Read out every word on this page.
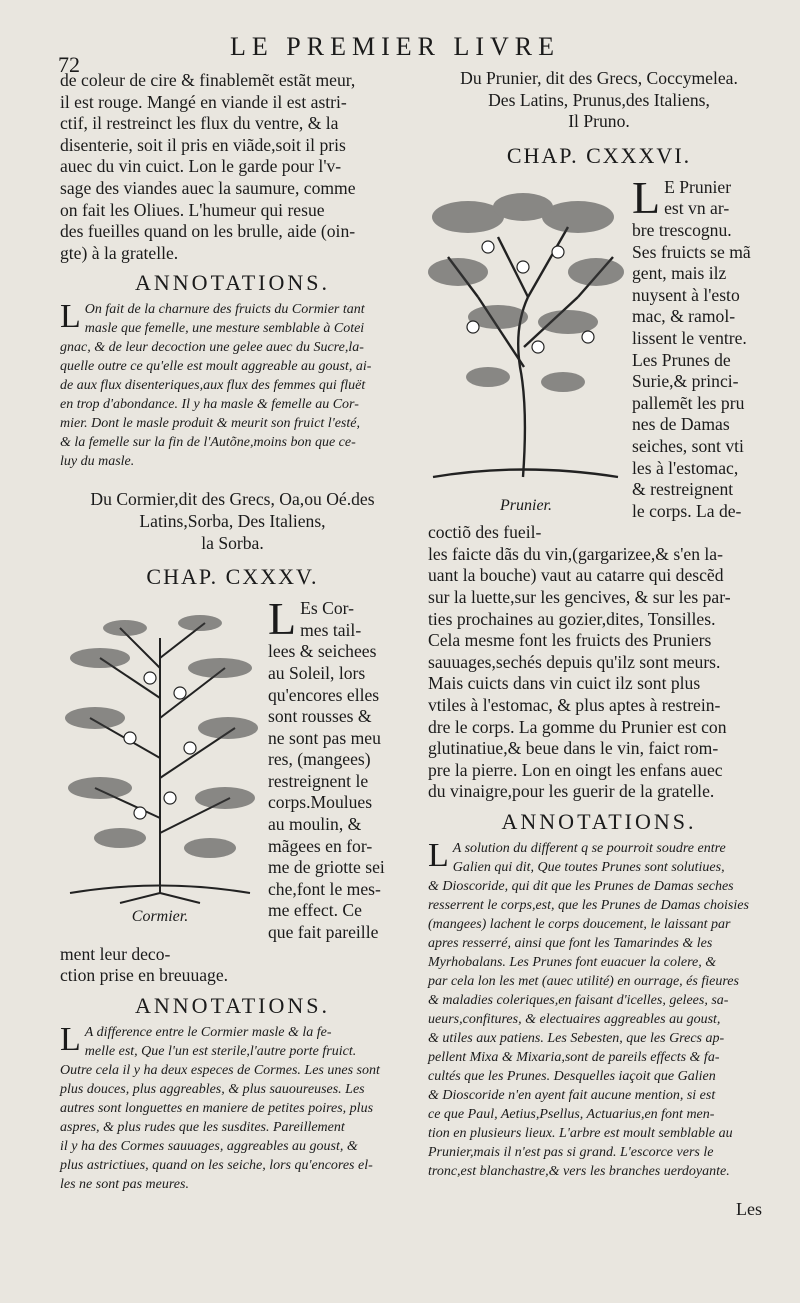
72
LE PREMIER LIVRE
de coleur de cire & finablemẽt estãt meur,
il est rouge. Mangé en viande il est astri-
ctif, il restreinct les flux du ventre, & la
disenterie, soit il pris en viãde,soit il pris
auec du vin cuict. Lon le garde pour l'v-
sage des viandes auec la saumure, comme
on fait les Oliues. L'humeur qui resue
des fueilles quand on les brulle, aide (oin-
gte) à la gratelle.
ANNOTATIONS.
L On fait de la charnure des fruicts du Cormier tant
masle que femelle, une mesture semblable à Cotei
gnac, & de leur decoction une gelee auec du Sucre,la-
quelle outre ce qu'elle est moult aggreable au goust, ai-
de aux flux disenteriques,aux flux des femmes qui fluët
en trop d'abondance. Il y ha masle & femelle au Cor-
mier. Dont le masle produit & meurit son fruict l'esté,
& la femelle sur la fin de l'Autõne,moins bon que ce-
luy du masle.
Du Cormier,dit des Grecs, Oa,ou Oé.des
Latins,Sorba, Des Italiens,
la Sorba.
CHAP. CXXXV.
Cormier.
L Es Cor-
mes tail-
lees & seichees
au Soleil, lors
qu'encores elles
sont rousses &
ne sont pas meu
res, (mangees)
restreignent le
corps.Moulues
au moulin, &
mãgees en for-
me de griotte sei
che,font le mes-
me effect. Ce
que fait pareille
ment leur deco-
ction prise en breuuage.
ANNOTATIONS.
L A difference entre le Cormier masle & la fe-
melle est, Que l'un est sterile,l'autre porte fruict.
Outre cela il y ha deux especes de Cormes. Les unes sont
plus douces, plus aggreables, & plus sauoureuses. Les
autres sont longuettes en maniere de petites poires, plus
aspres, & plus rudes que les susdites. Pareillement
il y ha des Cormes sauuages, aggreables au goust, &
plus astrictiues, quand on les seiche, lors qu'encores el-
les ne sont pas meures.
Du Prunier, dit des Grecs, Coccymelea.
Des Latins, Prunus,des Italiens,
Il Pruno.
CHAP. CXXXVI.
Prunier.
L E Prunier
est vn ar-
bre trescognu.
Ses fruicts se mã
gent, mais ilz
nuysent à l'esto
mac, & ramol-
lissent le ventre.
Les Prunes de
Surie,& princi-
pallemẽt les pru
nes de Damas
seiches, sont vti
les à l'estomac,
& restreignent
le corps. La de-
coctiõ des fueil-
les faicte dãs du vin,(gargarizee,& s'en la-
uant la bouche) vaut au catarre qui descẽd
sur la luette,sur les gencives, & sur les par-
ties prochaines au gozier,dites, Tonsilles.
Cela mesme font les fruicts des Pruniers
sauuages,sechés depuis qu'ilz sont meurs.
Mais cuicts dans vin cuict ilz sont plus
vtiles à l'estomac, & plus aptes à restrein-
dre le corps. La gomme du Prunier est con
glutinatiue,& beue dans le vin, faict rom-
pre la pierre. Lon en oingt les enfans auec
du vinaigre,pour les guerir de la gratelle.
ANNOTATIONS.
L A solution du different q se pourroit soudre entre
Galien qui dit, Que toutes Prunes sont solutiues,
& Dioscoride, qui dit que les Prunes de Damas seches
resserrent le corps,est, que les Prunes de Damas choisies
(mangees) lachent le corps doucement, le laissant par
apres resserré, ainsi que font les Tamarindes & les
Myrhobalans. Les Prunes font euacuer la colere, &
par cela lon les met (auec utilité) en ourrage, és fieures
& maladies coleriques,en faisant d'icelles, gelees, sa-
ueurs,confitures, & electuaires aggreables au goust,
& utiles aux patiens. Les Sebesten, que les Grecs ap-
pellent Mixa & Mixaria,sont de pareils effects & fa-
cultés que les Prunes. Desquelles iaçoit que Galien
& Dioscoride n'en ayent fait aucune mention, si est
ce que Paul, Aetius,Psellus, Actuarius,en font men-
tion en plusieurs lieux. L'arbre est moult semblable au
Prunier,mais il n'est pas si grand. L'escorce vers le
tronc,est blanchastre,& vers les branches uerdoyante.
Les
